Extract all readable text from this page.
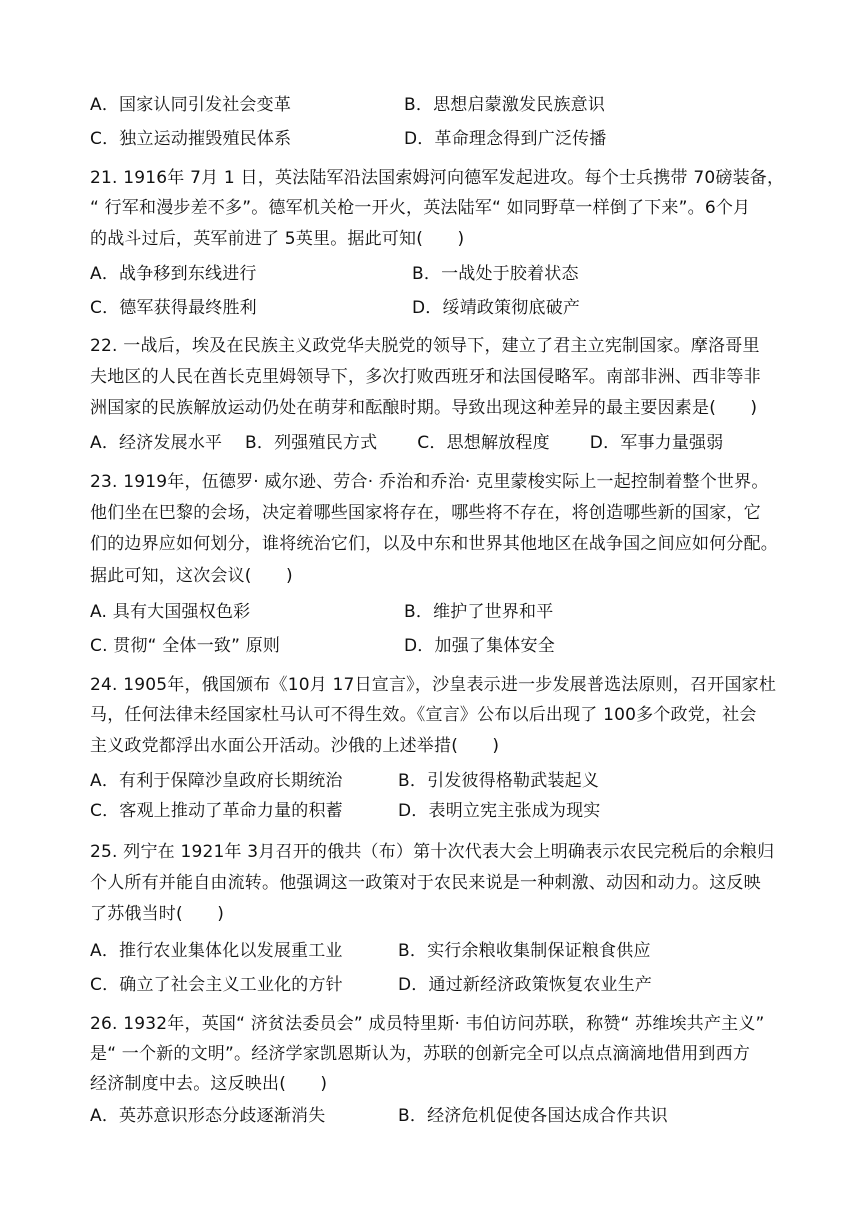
A．国家认同引发社会变革	B．思想启蒙激发民族意识
C．独立运动摧毁殖民体系	D．革命理念得到广泛传播
21. 1916年 7月 1 日，英法陆军沿法国索姆河向德军发起进攻。每个士兵携带 70磅装备，
“ 行军和漫步差不多”。德军机关枪一开火，英法陆军“ 如同野草一样倒了下来”。6个月
的战斗过后，英军前进了 5英里。据此可知(　　)
A．战争移到东线进行	B．一战处于胶着状态
C．德军获得最终胜利	D．绥靖政策彻底破产
22. 一战后，埃及在民族主义政党华夫脱党的领导下，建立了君主立宪制国家。摩洛哥里
夫地区的人民在酋长克里姆领导下，多次打败西班牙和法国侵略军。南部非洲、西非等非
洲国家的民族解放运动仍处在萌芽和酝酿时期。导致出现这种差异的最主要因素是(　　)
A．经济发展水平　 B．列强殖民方式　　 C．思想解放程度　　 D．军事力量强弱
23. 1919年，伍德罗· 威尔逊、劳合· 乔治和乔治· 克里蒙梭实际上一起控制着整个世界。
他们坐在巴黎的会场，决定着哪些国家将存在，哪些将不存在，将创造哪些新的国家，它
们的边界应如何划分，谁将统治它们，以及中东和世界其他地区在战争国之间应如何分配。
据此可知，这次会议(　　)
A. 具有大国强权色彩	B．维护了世界和平
C. 贯彻“ 全体一致” 原则	D．加强了集体安全
24. 1905年，俄国颁布《10月 17日宣言》，沙皇表示进一步发展普选法原则，召开国家杜
马，任何法律未经国家杜马认可不得生效。《宣言》公布以后出现了 100多个政党，社会
主义政党都浮出水面公开活动。沙俄的上述举措(　　)
A．有利于保障沙皇政府长期统治	B．引发彼得格勒武装起义
C．客观上推动了革命力量的积蓄	D．表明立宪主张成为现实
25. 列宁在 1921年 3月召开的俄共（布）第十次代表大会上明确表示农民完税后的余粮归
个人所有并能自由流转。他强调这一政策对于农民来说是一种刺激、动因和动力。这反映
了苏俄当时(　　)
A．推行农业集体化以发展重工业	B．实行余粮收集制保证粮食供应
C．确立了社会主义工业化的方针	D．通过新经济政策恢复农业生产
26. 1932年，英国“ 济贫法委员会” 成员特里斯· 韦伯访问苏联，称赞“ 苏维埃共产主义”
是“ 一个新的文明”。经济学家凯恩斯认为，苏联的创新完全可以点点滴滴地借用到西方
经济制度中去。这反映出(　　)
A．英苏意识形态分歧逐渐消失	B．经济危机促使各国达成合作共识
